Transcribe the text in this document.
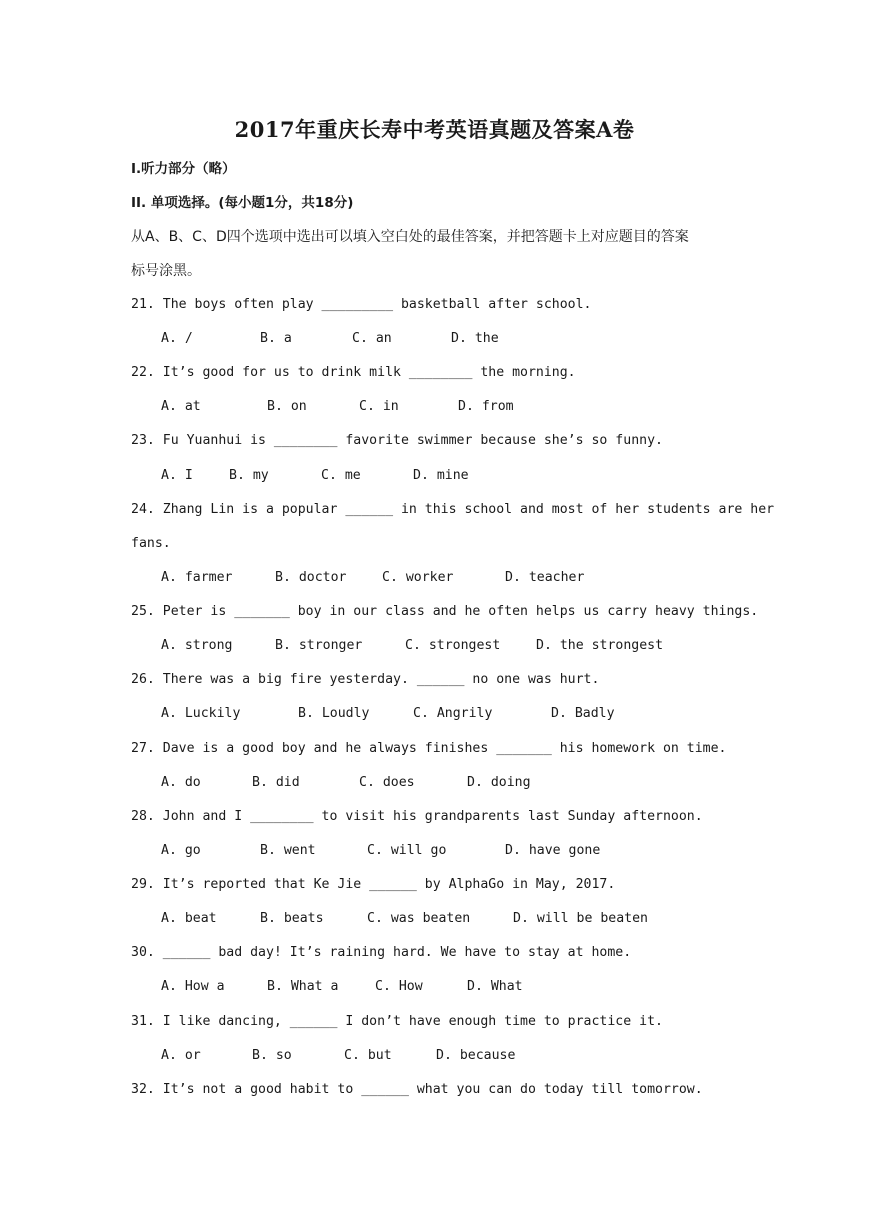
2017年重庆长寿中考英语真题及答案A卷
I.听力部分（略）
II. 单项选择。(每小题1分，共18分)
从A、B、C、D四个选项中选出可以填入空白处的最佳答案，并把答题卡上对应题目的答案
标号涂黑。
21. The boys often play _________ basketball after school.
A. /	B. a	C. an	D. the
22. It’s good for us to drink milk ________ the morning.
A. at	B. on	C. in	D. from
23. Fu Yuanhui is ________ favorite swimmer because she’s so funny.
A. I	B. my	C. me	D. mine
24. Zhang Lin is a popular ______ in this school and most of her students are her
fans.
A. farmer	B. doctor	C. worker	D. teacher
25. Peter is _______ boy in our class and he often helps us carry heavy things.
A. strong	B. stronger	C. strongest	D. the strongest
26. There was a big fire yesterday. ______ no one was hurt.
A. Luckily	B. Loudly	C. Angrily	D. Badly
27. Dave is a good boy and he always finishes _______ his homework on time.
A. do	B. did	C. does	D. doing
28. John and I ________ to visit his grandparents last Sunday afternoon.
A. go	B. went	C. will go	D. have gone
29. It’s reported that Ke Jie ______ by AlphaGo in May, 2017.
A. beat	B. beats	C. was beaten	D. will be beaten
30. ______ bad day! It’s raining hard. We have to stay at home.
A. How a	B. What a	C. How	D. What
31. I like dancing, ______ I don’t have enough time to practice it.
A. or	B. so	C. but	D. because
32. It’s not a good habit to ______ what you can do today till tomorrow.
